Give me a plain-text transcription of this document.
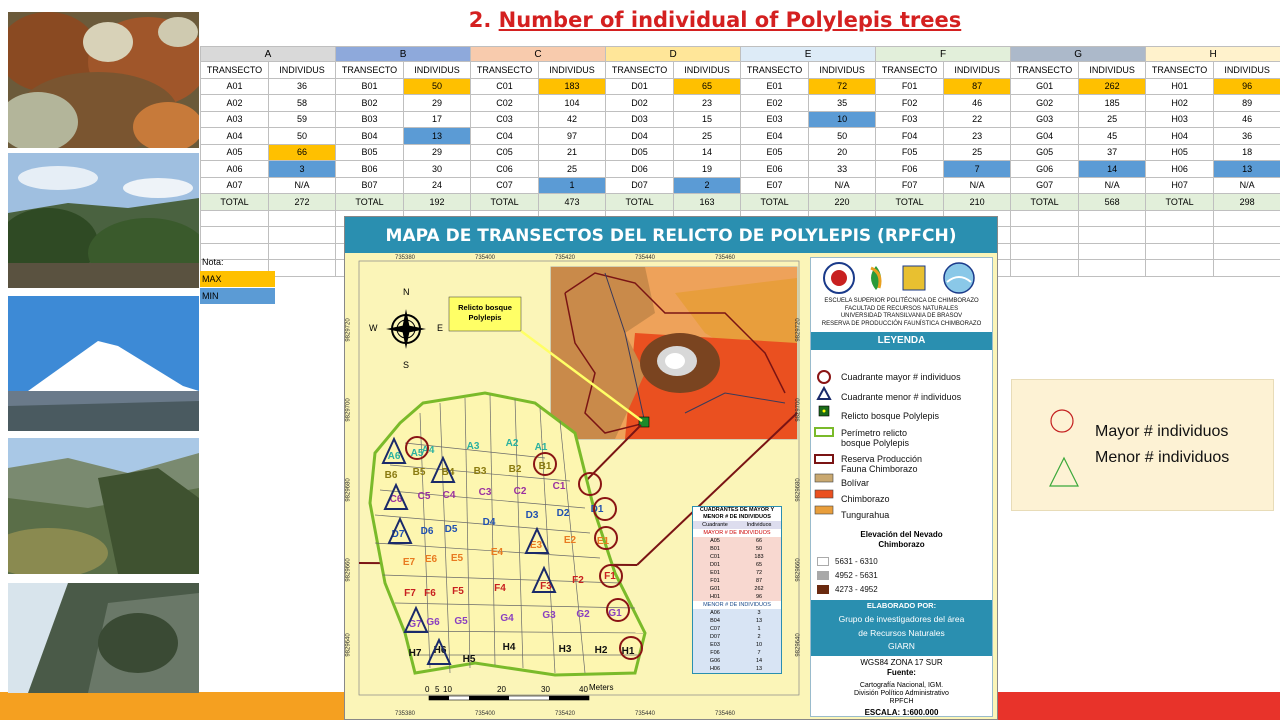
2. Number of individual of Polylepis trees
A		B		C		D		E		F		G		H	
TRANSECTO	INDIVIDUS	TRANSECTO	INDIVIDUS	TRANSECTO	INDIVIDUS	TRANSECTO	INDIVIDUS	TRANSECTO	INDIVIDUS	TRANSECTO	INDIVIDUS	TRANSECTO	INDIVIDUS	TRANSECTO	INDIVIDUS
A01	36	B01	50	C01	183	D01	65	E01	72	F01	87	G01	262	H01	96
A02	58	B02	29	C02	104	D02	23	E02	35	F02	46	G02	185	H02	89
A03	59	B03	17	C03	42	D03	15	E03	10	F03	22	G03	25	H03	46
A04	50	B04	13	C04	97	D04	25	E04	50	F04	23	G04	45	H04	36
A05	66	B05	29	C05	21	D05	14	E05	20	F05	25	G05	37	H05	18
A06	3	B06	30	C06	25	D06	19	E06	33	F06	7	G06	14	H06	13
A07	N/A	B07	24	C07	1	D07	2	E07	N/A	F07	N/A	G07	N/A	H07	N/A
TOTAL	272	TOTAL	192	TOTAL	473	TOTAL	163	TOTAL	220	TOTAL	210	TOTAL	568	TOTAL	298

Nota:
MAX
MIN
MAPA DE TRANSECTOS DEL RELICTO DE POLYLEPIS (RPFCH)
A1
A2
A3
A4
A5
A6
B1
B2
B3
B4
B5
B6
C1
C2
C3
C4
C5
C6
D1
D2
D3
D4
D5
D6
D7
E1
E2
E3
E4
E5
E6
E7
F1
F2
F3
F4
F5
F6
F7
G1
G2
G3
G4
G5
G6
G7
H1
H2
H3
H4
H5
H6
H7
735380	735400	735420	735440	735460
735380	735400	735420	735440	735460
9829720	9829720
9829700	9829700
9829680	9829680
9829660	9829660
9829640	9829640
0 5 10	20	30	40 Meters
N
S
W	E
Relicto bosque Polylepis
CUADRANTES DE MAYOR Y MENOR # DE INDIVIDUOS
Cuadrante	Individuos
MAYOR # DE INDIVIDUOS
A05	66
B01	50
C01	183
D01	65
E01	72
F01	87
G01	262
H01	96
MENOR # DE INDIVIDUOS
A06	3
B04	13
C07	1
D07	2
E03	10
F06	7
G06	14
H06	13
ESCUELA SUPERIOR POLITÉCNICA DE CHIMBORAZO
FACULTAD DE RECURSOS NATURALES
UNIVERSIDAD TRANSILVANIA DE BRASOV
RESERVA DE PRODUCCIÓN FAUNÍSTICA CHIMBORAZO
LEYENDA
Cuadrante mayor # individuos
Cuadrante menor # individuos
Relicto bosque Polylepis
Perímetro relicto
bosque Polylepis
Reserva Producción
Fauna Chimborazo
Bolívar
Chimborazo
Tungurahua
Elevación del Nevado
Chimborazo
5631 - 6310
4952 - 5631
4273 - 4952
ELABORADO POR:
Grupo de investigadores del área
de Recursos Naturales
GIARN
WGS84 ZONA 17 SUR
Fuente:
Cartografía Nacional, IGM.
División Político Administrativo
RPFCH
ESCALA: 1:600.000
Mayor # individuos
Menor # individuos
